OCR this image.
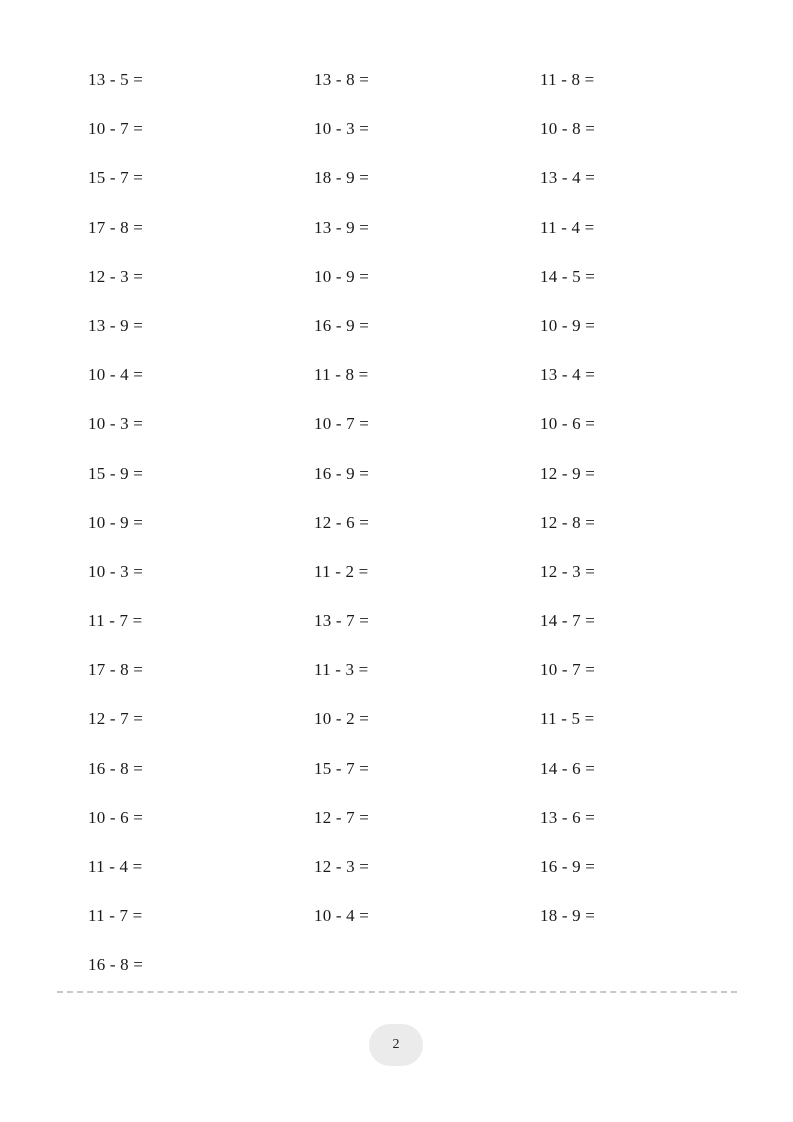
13 - 5 =	13 - 8 =	11 - 8 =
10 - 7 =	10 - 3 =	10 - 8 =
15 - 7 =	18 - 9 =	13 - 4 =
17 - 8 =	13 - 9 =	11 - 4 =
12 - 3 =	10 - 9 =	14 - 5 =
13 - 9 =	16 - 9 =	10 - 9 =
10 - 4 =	11 - 8 =	13 - 4 =
10 - 3 =	10 - 7 =	10 - 6 =
15 - 9 =	16 - 9 =	12 - 9 =
10 - 9 =	12 - 6 =	12 - 8 =
10 - 3 =	11 - 2 =	12 - 3 =
11 - 7 =	13 - 7 =	14 - 7 =
17 - 8 =	11 - 3 =	10 - 7 =
12 - 7 =	10 - 2 =	11 - 5 =
16 - 8 =	15 - 7 =	14 - 6 =
10 - 6 =	12 - 7 =	13 - 6 =
11 - 4 =	12 - 3 =	16 - 9 =
11 - 7 =	10 - 4 =	18 - 9 =
16 - 8 =
2
